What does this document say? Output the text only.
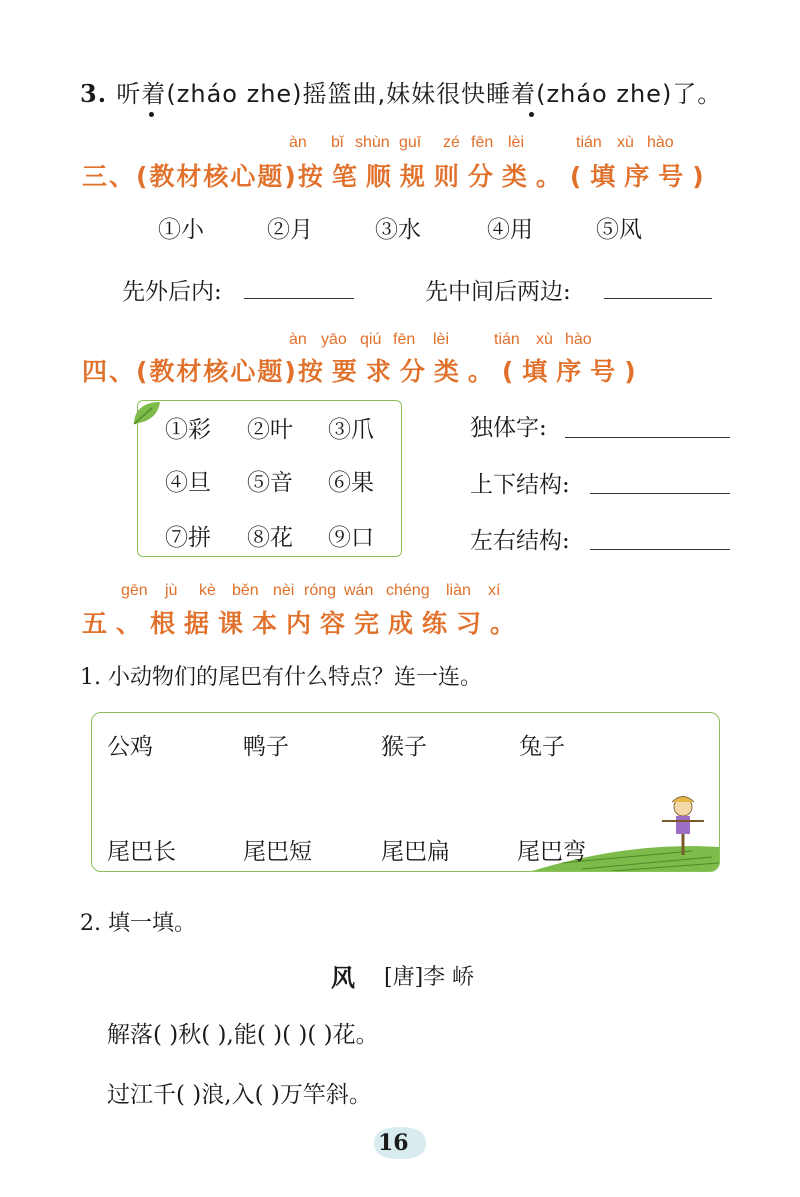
3. 听着(zháo zhe)摇篮曲,妹妹很快睡着(zháo zhe)了。
àn bǐ shùn guī zé fēn lèi	tián xù hào
三、(教材核心题)按笔顺规则分类。(填序号)
①小	②月	③水	④用	⑤风
先外后内:	先中间后两边:
àn yāo qiú fēn lèi	tián xù hào
四、(教材核心题)按要求分类。(填序号)
①彩 ②叶 ③爪
④旦 ⑤音 ⑥果
⑦拼 ⑧花 ⑨口
独体字:
上下结构:
左右结构:
gēn jù kè běn nèi róng wán chéng liàn xí
五、根据课本内容完成练习。
1. 小动物们的尾巴有什么特点？连一连。
公鸡	鸭子	猴子	兔子
尾巴长	尾巴短	尾巴扁	尾巴弯
2. 填一填。
风 [唐]李 峤
解落( )秋( ),能( )( )( )花。
过江千( )浪,入( )万竿斜。
16
